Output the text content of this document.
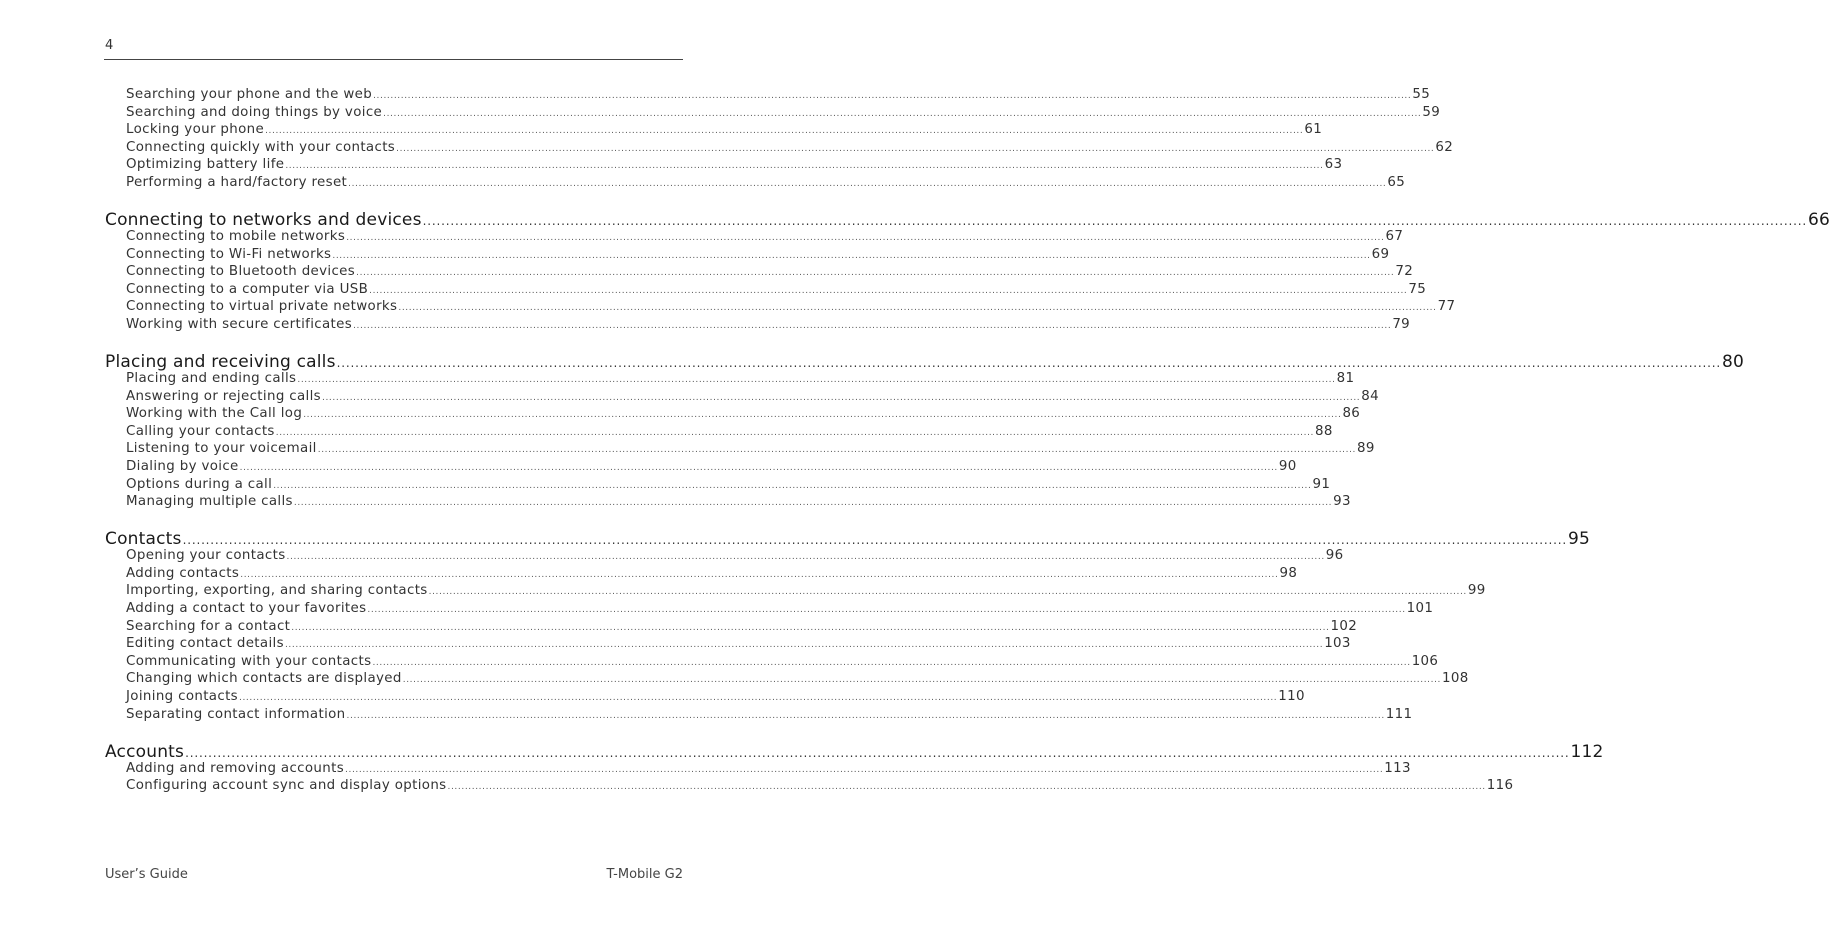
4
Searching your phone and the web ............................................................................................................................................................................................................................................................................................................ 55
Searching and doing things by voice ............................................................................................................................................................................................................................................................................................................ 59
Locking your phone ............................................................................................................................................................................................................................................................................................................ 61
Connecting quickly with your contacts ............................................................................................................................................................................................................................................................................................................ 62
Optimizing battery life ............................................................................................................................................................................................................................................................................................................ 63
Performing a hard/factory reset ............................................................................................................................................................................................................................................................................................................ 65
Connecting to networks and devices ............................................................................................................................................................................................................................................................................................................ 66
Connecting to mobile networks ............................................................................................................................................................................................................................................................................................................ 67
Connecting to Wi-Fi networks ............................................................................................................................................................................................................................................................................................................ 69
Connecting to Bluetooth devices ............................................................................................................................................................................................................................................................................................................ 72
Connecting to a computer via USB ............................................................................................................................................................................................................................................................................................................ 75
Connecting to virtual private networks ............................................................................................................................................................................................................................................................................................................ 77
Working with secure certificates ............................................................................................................................................................................................................................................................................................................ 79
Placing and receiving calls ............................................................................................................................................................................................................................................................................................................ 80
Placing and ending calls ............................................................................................................................................................................................................................................................................................................ 81
Answering or rejecting calls ............................................................................................................................................................................................................................................................................................................ 84
Working with the Call log ............................................................................................................................................................................................................................................................................................................ 86
Calling your contacts ............................................................................................................................................................................................................................................................................................................ 88
Listening to your voicemail ............................................................................................................................................................................................................................................................................................................ 89
Dialing by voice ............................................................................................................................................................................................................................................................................................................ 90
Options during a call ............................................................................................................................................................................................................................................................................................................ 91
Managing multiple calls ............................................................................................................................................................................................................................................................................................................ 93
Contacts ............................................................................................................................................................................................................................................................................................................ 95
Opening your contacts ............................................................................................................................................................................................................................................................................................................ 96
Adding contacts ............................................................................................................................................................................................................................................................................................................ 98
Importing, exporting, and sharing contacts ............................................................................................................................................................................................................................................................................................................ 99
Adding a contact to your favorites ............................................................................................................................................................................................................................................................................................................ 101
Searching for a contact ............................................................................................................................................................................................................................................................................................................ 102
Editing contact details ............................................................................................................................................................................................................................................................................................................ 103
Communicating with your contacts ............................................................................................................................................................................................................................................................................................................ 106
Changing which contacts are displayed ............................................................................................................................................................................................................................................................................................................ 108
Joining contacts ............................................................................................................................................................................................................................................................................................................ 110
Separating contact information ............................................................................................................................................................................................................................................................................................................ 111
Accounts ............................................................................................................................................................................................................................................................................................................ 112
Adding and removing accounts ............................................................................................................................................................................................................................................................................................................ 113
Configuring account sync and display options ............................................................................................................................................................................................................................................................................................................ 116
User’s Guide	T-Mobile G2
